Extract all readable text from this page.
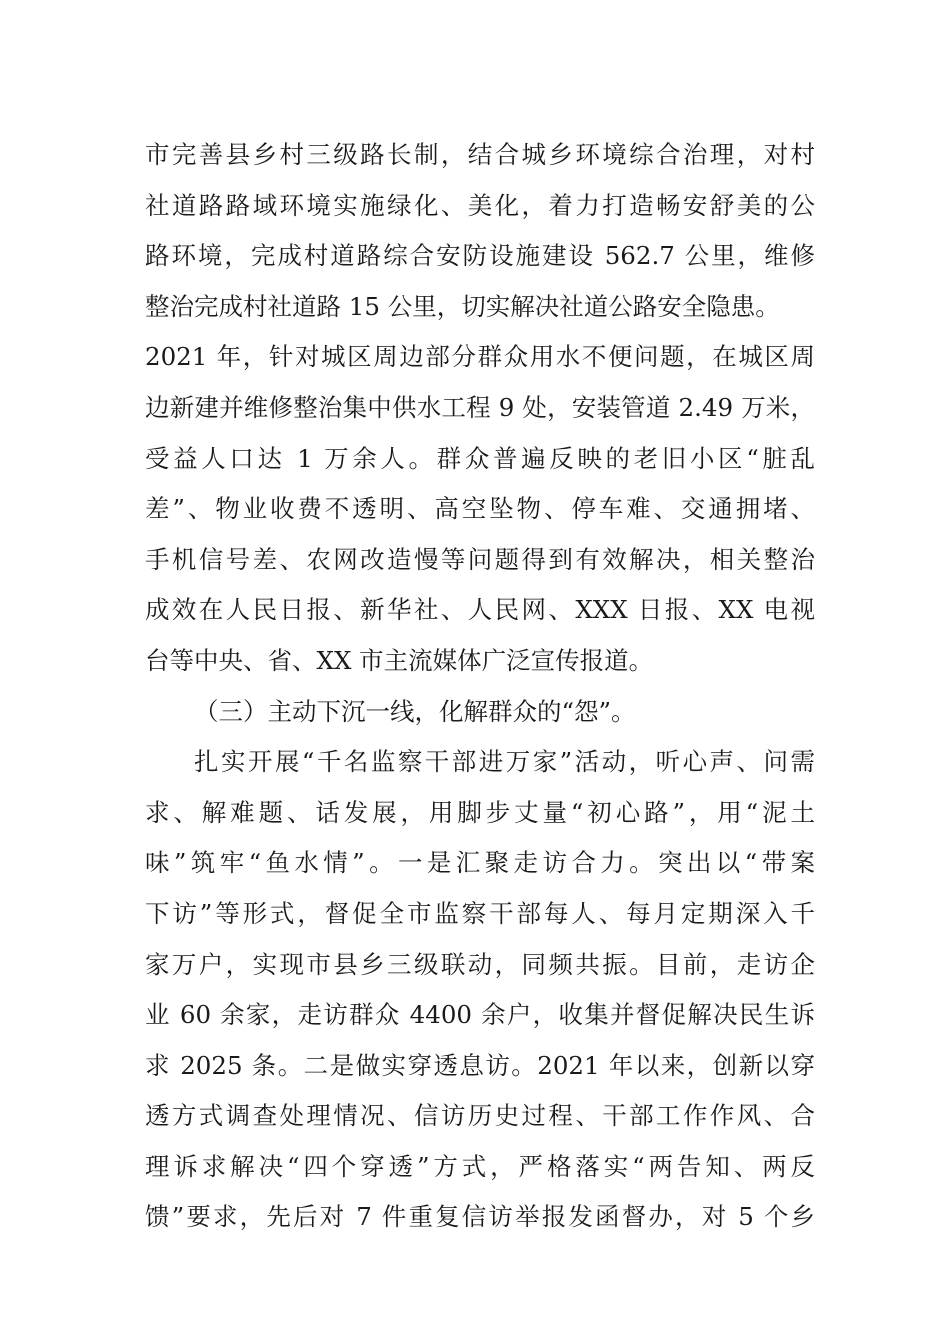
市完善县乡村三级路长制，结合城乡环境综合治理，对村
社道路路域环境实施绿化、美化，着力打造畅安舒美的公
路环境，完成村道路综合安防设施建设 562.7 公里，维修
整治完成村社道路 15 公里，切实解决社道公路安全隐患。
2021 年，针对城区周边部分群众用水不便问题，在城区周
边新建并维修整治集中供水工程 9 处，安装管道 2.49 万米，
受益人口达 1 万余人。群众普遍反映的老旧小区“脏乱
差”、物业收费不透明、高空坠物、停车难、交通拥堵、
手机信号差、农网改造慢等问题得到有效解决，相关整治
成效在人民日报、新华社、人民网、XXX 日报、XX 电视
台等中央、省、XX 市主流媒体广泛宣传报道。
（三）主动下沉一线，化解群众的“怨”。
扎实开展“千名监察干部进万家”活动，听心声、问需
求、解难题、话发展，用脚步丈量“初心路”，用“泥土
味”筑牢“鱼水情”。一是汇聚走访合力。突出以“带案
下访”等形式，督促全市监察干部每人、每月定期深入千
家万户，实现市县乡三级联动，同频共振。目前，走访企
业 60 余家，走访群众 4400 余户，收集并督促解决民生诉
求 2025 条。二是做实穿透息访。2021 年以来，创新以穿
透方式调查处理情况、信访历史过程、干部工作作风、合
理诉求解决“四个穿透”方式，严格落实“两告知、两反
馈”要求，先后对 7 件重复信访举报发函督办，对 5 个乡
